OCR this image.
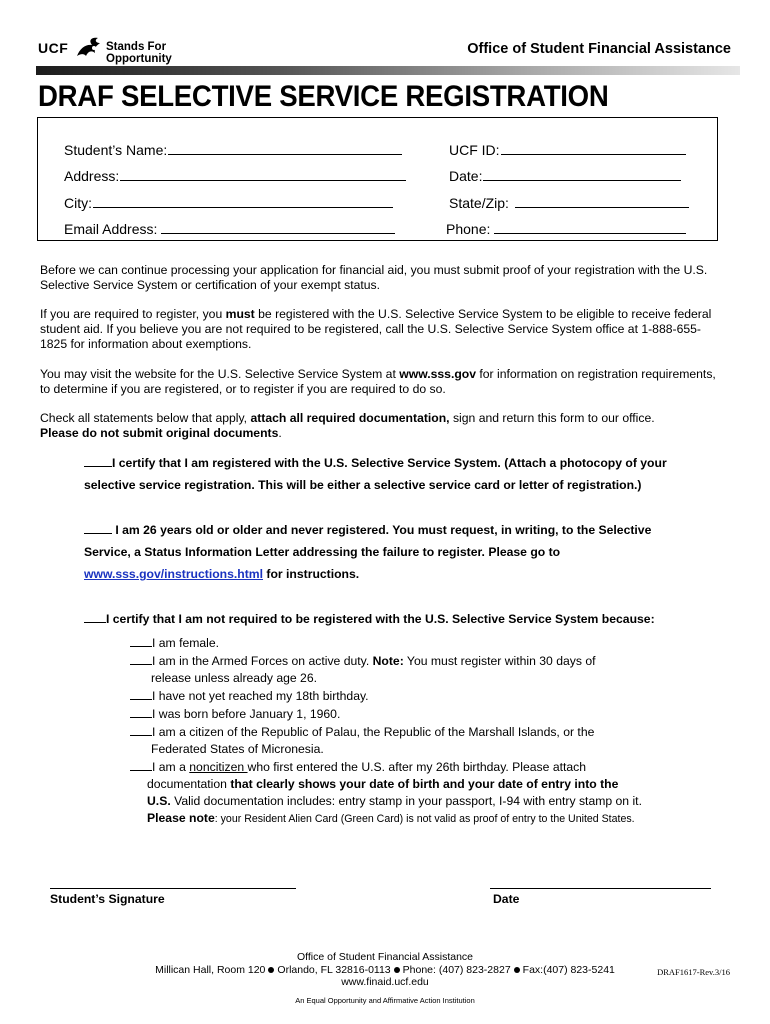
UCF	Stands For Opportunity
Office of Student Financial Assistance
DRAF SELECTIVE SERVICE REGISTRATION
Student’s Name:	UCF ID:
Address:	Date:
City:	State/Zip:
Email Address:	Phone:
Before we can continue processing your application for financial aid, you must submit proof of your registration with the U.S. Selective Service System or certification of your exempt status.
If you are required to register, you must be registered with the U.S. Selective Service System to be eligible to receive federal student aid. If you believe you are not required to be registered, call the U.S. Selective Service System office at 1-888-655-1825 for information about exemptions.
You may visit the website for the U.S. Selective Service System at www.sss.gov for information on registration requirements, to determine if you are registered, or to register if you are required to do so.
Check all statements below that apply, attach all required documentation, sign and return this form to our office.
Please do not submit original documents.
I certify that I am registered with the U.S. Selective Service System. (Attach a photocopy of your
selective service registration. This will be either a selective service card or letter of registration.)
I am 26 years old or older and never registered. You must request, in writing, to the Selective
Service, a Status Information Letter addressing the failure to register. Please go to
www.sss.gov/instructions.html for instructions.
I certify that I am not required to be registered with the U.S. Selective Service System because:
I am female.
I am in the Armed Forces on active duty. Note: You must register within 30 days of
release unless already age 26.
I have not yet reached my 18th birthday.
I was born before January 1, 1960.
I am a citizen of the Republic of Palau, the Republic of the Marshall Islands, or the
Federated States of Micronesia.
I am a noncitizen who first entered the U.S. after my 26th birthday. Please attach
documentation that clearly shows your date of birth and your date of entry into the
U.S. Valid documentation includes: entry stamp in your passport, I-94 with entry stamp on it.
Please note: your Resident Alien Card (Green Card) is not valid as proof of entry to the United States.
Student’s Signature	Date
Office of Student Financial Assistance
Millican Hall, Room 120 Orlando, FL 32816-0113 Phone: (407) 823-2827 Fax:(407) 823-5241
www.finaid.ucf.edu
DRAF1617-Rev.3/16
An Equal Opportunity and Affirmative Action Institution
